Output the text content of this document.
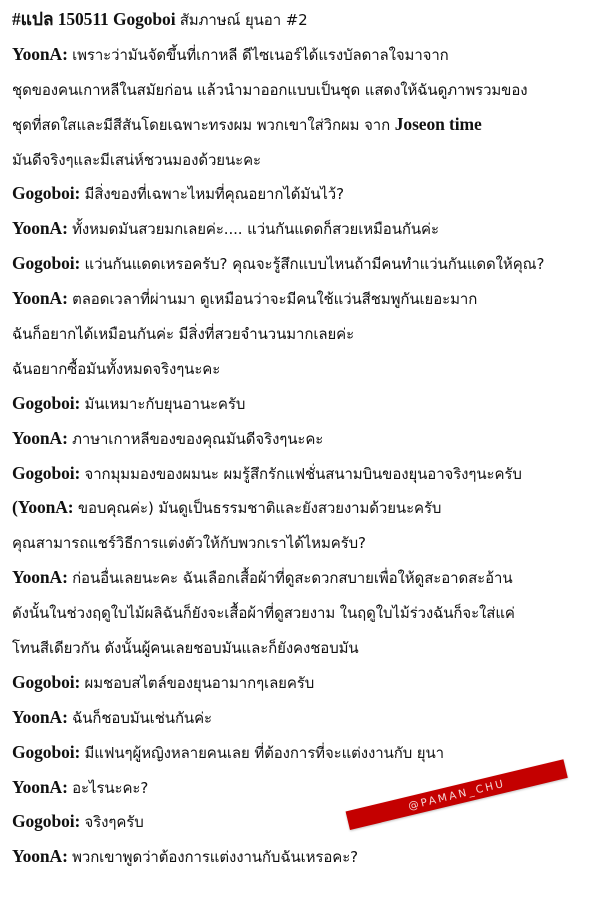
#แปล 150511 Gogoboi สัมภาษณ์ ยุนอา #2
YoonA: เพราะว่ามันจัดขึ้นที่เกาหลี ดีไซเนอร์ได้แรงบัลดาลใจมาจาก
ชุดของคนเกาหลีในสมัยก่อน แล้วนำมาออกแบบเป็นชุด แสดงให้ฉันดูภาพรวมของ
ชุดที่สดใสและมีสีสันโดยเฉพาะทรงผม พวกเขาใส่วิกผม จาก Joseon time
มันดีจริงๆและมีเสน่ห์ชวนมองด้วยนะคะ
Gogoboi: มีสิ่งของที่เฉพาะไหมที่คุณอยากได้มันไว้?
YoonA: ทั้งหมดมันสวยมกเลยค่ะ.... แว่นกันแดดก็สวยเหมือนกันค่ะ
Gogoboi: แว่นกันแดดเหรอครับ? คุณจะรู้สึกแบบไหนถ้ามีคนทำแว่นกันแดดให้คุณ?
YoonA: ตลอดเวลาที่ผ่านมา ดูเหมือนว่าจะมีคนใช้แว่นสีชมพูกันเยอะมาก
ฉันก็อยากได้เหมือนกันค่ะ มีสิ่งที่สวยจำนวนมากเลยค่ะ
ฉันอยากซื้อมันทั้งหมดจริงๆนะคะ
Gogoboi: มันเหมาะกับยุนอานะครับ
YoonA: ภาษาเกาหลีของของคุณมันดีจริงๆนะคะ
Gogoboi: จากมุมมองของผมนะ ผมรู้สึกรักแฟชั่นสนามบินของยุนอาจริงๆนะครับ
(YoonA: ขอบคุณค่ะ) มันดูเป็นธรรมชาติและยังสวยงามด้วยนะครับ
คุณสามารถแชร์วิธีการแต่งตัวให้กับพวกเราได้ไหมครับ?
YoonA: ก่อนอื่นเลยนะคะ ฉันเลือกเสื้อผ้าที่ดูสะดวกสบายเพื่อให้ดูสะอาดสะอ้าน
ดังนั้นในช่วงฤดูใบไม้ผลิฉันก็ยังจะเสื้อผ้าที่ดูสวยงาม ในฤดูใบไม้ร่วงฉันก็จะใส่แค่
โทนสีเดียวกัน ดังนั้นผู้คนเลยชอบมันและก็ยังคงชอบมัน
Gogoboi: ผมชอบสไตล์ของยุนอามากๆเลยครับ
YoonA: ฉันก็ชอบมันเช่นกันค่ะ
Gogoboi: มีแฟนๆผู้หญิงหลายคนเลย ที่ต้องการที่จะแต่งงานกับ ยุนา
YoonA: อะไรนะคะ?
Gogoboi: จริงๆครับ
YoonA: พวกเขาพูดว่าต้องการแต่งงานกับฉันเหรอคะ?
@PAMAN_CHU
